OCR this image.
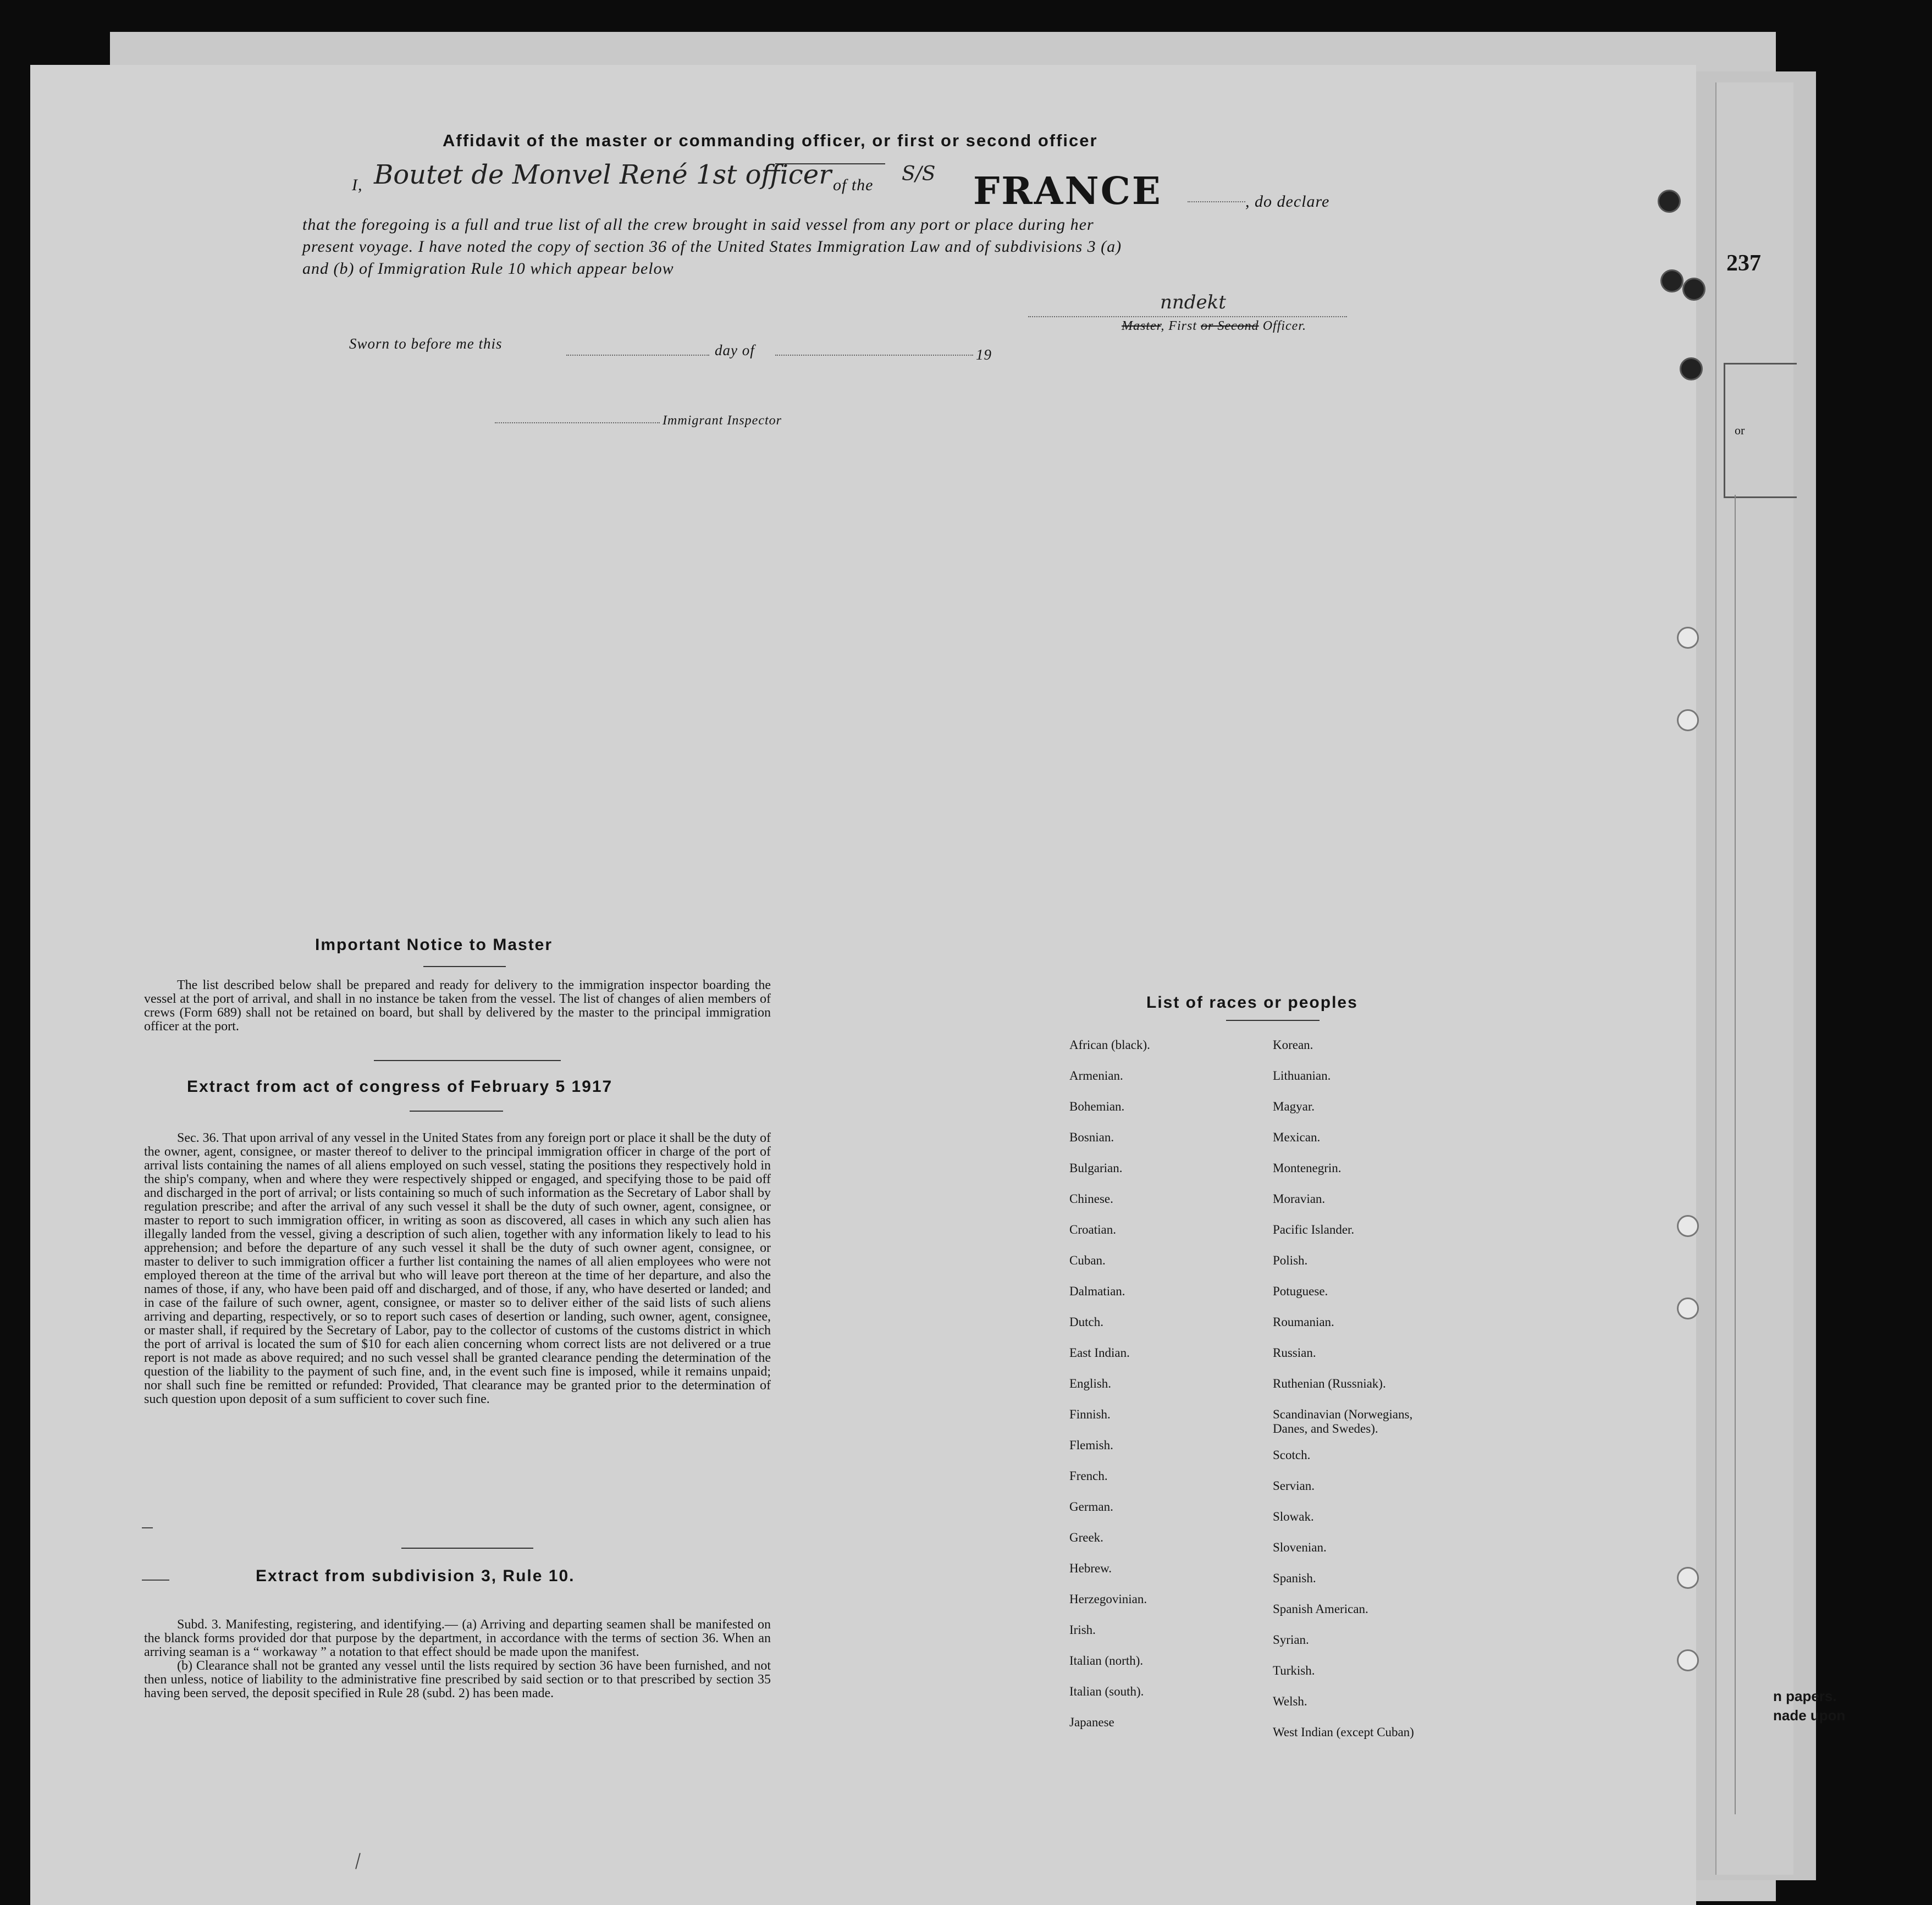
or
n papers.
nade upon
237
Affidavit of the master or commanding officer, or first or second officer
I, Boutet de Monvel René 1st officer of the S/S FRANCE	, do declare
that the foregoing is a full and true list of all the crew brought in said vessel from any port or place during her
present voyage. I have noted the copy of section 36 of the United States Immigration Law and of subdivisions 3 (a)
and (b) of Immigration Rule 10 which appear below
nndekt
Master, First or Second Officer.
Sworn to before me this	day of	19
Immigrant Inspector
Important Notice to Master

The list described below shall be prepared and ready for delivery to the immigration inspector boarding the vessel at the port of arrival, and shall in no instance be taken from the vessel. The list of changes of alien members of crews (Form 689) shall not be retained on board, but shall by delivered by the master to the principal immigration officer at the port.

Extract from act of congress of February 5 1917

Sec. 36. That upon arrival of any vessel in the United States from any foreign port or place it shall be the duty of the owner, agent, consignee, or master thereof to deliver to the principal immigration officer in charge of the port of arrival lists containing the names of all aliens employed on such vessel, stating the positions they respectively hold in the ship's company, when and where they were respectively shipped or engaged, and specifying those to be paid off and discharged in the port of arrival; or lists containing so much of such information as the Secretary of Labor shall by regulation prescribe; and after the arrival of any such vessel it shall be the duty of such owner, agent, consignee, or master to report to such immigration officer, in writing as soon as discovered, all cases in which any such alien has illegally landed from the vessel, giving a description of such alien, together with any information likely to lead to his apprehension; and before the departure of any such vessel it shall be the duty of such owner agent, consignee, or master to deliver to such immigration officer a further list containing the names of all alien employees who were not employed thereon at the time of the arrival but who will leave port thereon at the time of her departure, and also the names of those, if any, who have been paid off and discharged, and of those, if any, who have deserted or landed; and in case of the failure of such owner, agent, consignee, or master so to deliver either of the said lists of such aliens arriving and departing, respectively, or so to report such cases of desertion or landing, such owner, agent, consignee, or master shall, if required by the Secretary of Labor, pay to the collector of customs of the customs district in which the port of arrival is located the sum of $10 for each alien concerning whom correct lists are not delivered or a true report is not made as above required; and no such vessel shall be granted clearance pending the determination of the question of the liability to the payment of such fine, and, in the event such fine is imposed, while it remains unpaid; nor shall such fine be remitted or refunded: Provided, That clearance may be granted prior to the determination of such question upon deposit of a sum sufficient to cover such fine.

Extract from subdivision 3, Rule 10.

Subd. 3. Manifesting, registering, and identifying.— (a) Arriving and departing seamen shall be manifested on the blanck forms provided dor that purpose by the department, in accordance with the terms of section 36. When an arriving seaman is a “ workaway ” a notation to that effect should be made upon the manifest.

(b) Clearance shall not be granted any vessel until the lists required by section 36 have been furnished, and not then unless, notice of liability to the administrative fine prescribed by said section or to that prescribed by section 35 having been served, the deposit specified in Rule 28 (subd. 2) has been made.

List of races or peoples
African (black).
Armenian.
Bohemian.
Bosnian.
Bulgarian.
Chinese.
Croatian.
Cuban.
Dalmatian.
Dutch.
East Indian.
English.
Finnish.
Flemish.
French.
German.
Greek.
Hebrew.
Herzegovinian.
Irish.
Italian (north).
Italian (south).
Japanese
Korean.
Lithuanian.
Magyar.
Mexican.
Montenegrin.
Moravian.
Pacific Islander.
Polish.
Potuguese.
Roumanian.
Russian.
Ruthenian (Russniak).
Scandinavian (Norwegians, Danes, and Swedes).
Scotch.
Servian.
Slowak.
Slovenian.
Spanish.
Spanish American.
Syrian.
Turkish.
Welsh.
West Indian (except Cuban)
